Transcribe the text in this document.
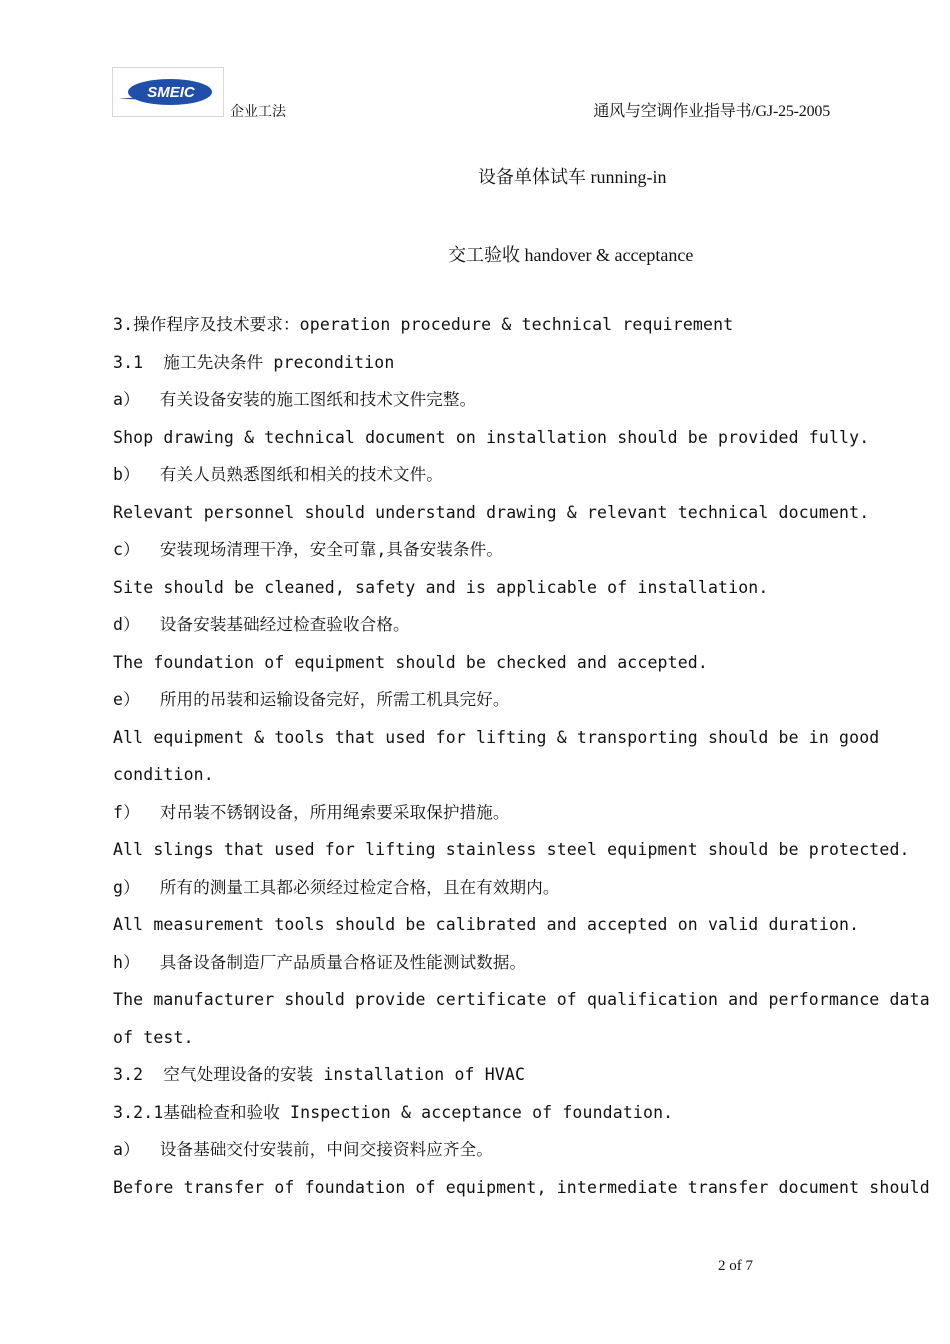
SMEIC
企业工法	通风与空调作业指导书/GJ-25-2005
设备单体试车 running-in
交工验收 handover & acceptance
3.操作程序及技术要求：operation procedure & technical requirement
3.1  施工先决条件 precondition
a）  有关设备安装的施工图纸和技术文件完整。
Shop drawing & technical document on installation should be provided fully.
b）  有关人员熟悉图纸和相关的技术文件。
Relevant personnel should understand drawing & relevant technical document.
c）  安装现场清理干净，安全可靠,具备安装条件。
Site should be cleaned, safety and is applicable of installation.
d）  设备安装基础经过检查验收合格。
The foundation of equipment should be checked and accepted.
e）  所用的吊装和运输设备完好，所需工机具完好。
All equipment & tools that used for lifting & transporting should be in good
condition.
f）  对吊装不锈钢设备，所用绳索要采取保护措施。
All slings that used for lifting stainless steel equipment should be protected.
g）  所有的测量工具都必须经过检定合格，且在有效期内。
All measurement tools should be calibrated and accepted on valid duration.
h）  具备设备制造厂产品质量合格证及性能测试数据。
The manufacturer should provide certificate of qualification and performance data
of test.
3.2  空气处理设备的安装 installation of HVAC
3.2.1基础检查和验收 Inspection & acceptance of foundation.
a）  设备基础交付安装前，中间交接资料应齐全。
Before transfer of foundation of equipment, intermediate transfer document should
2 of 7
